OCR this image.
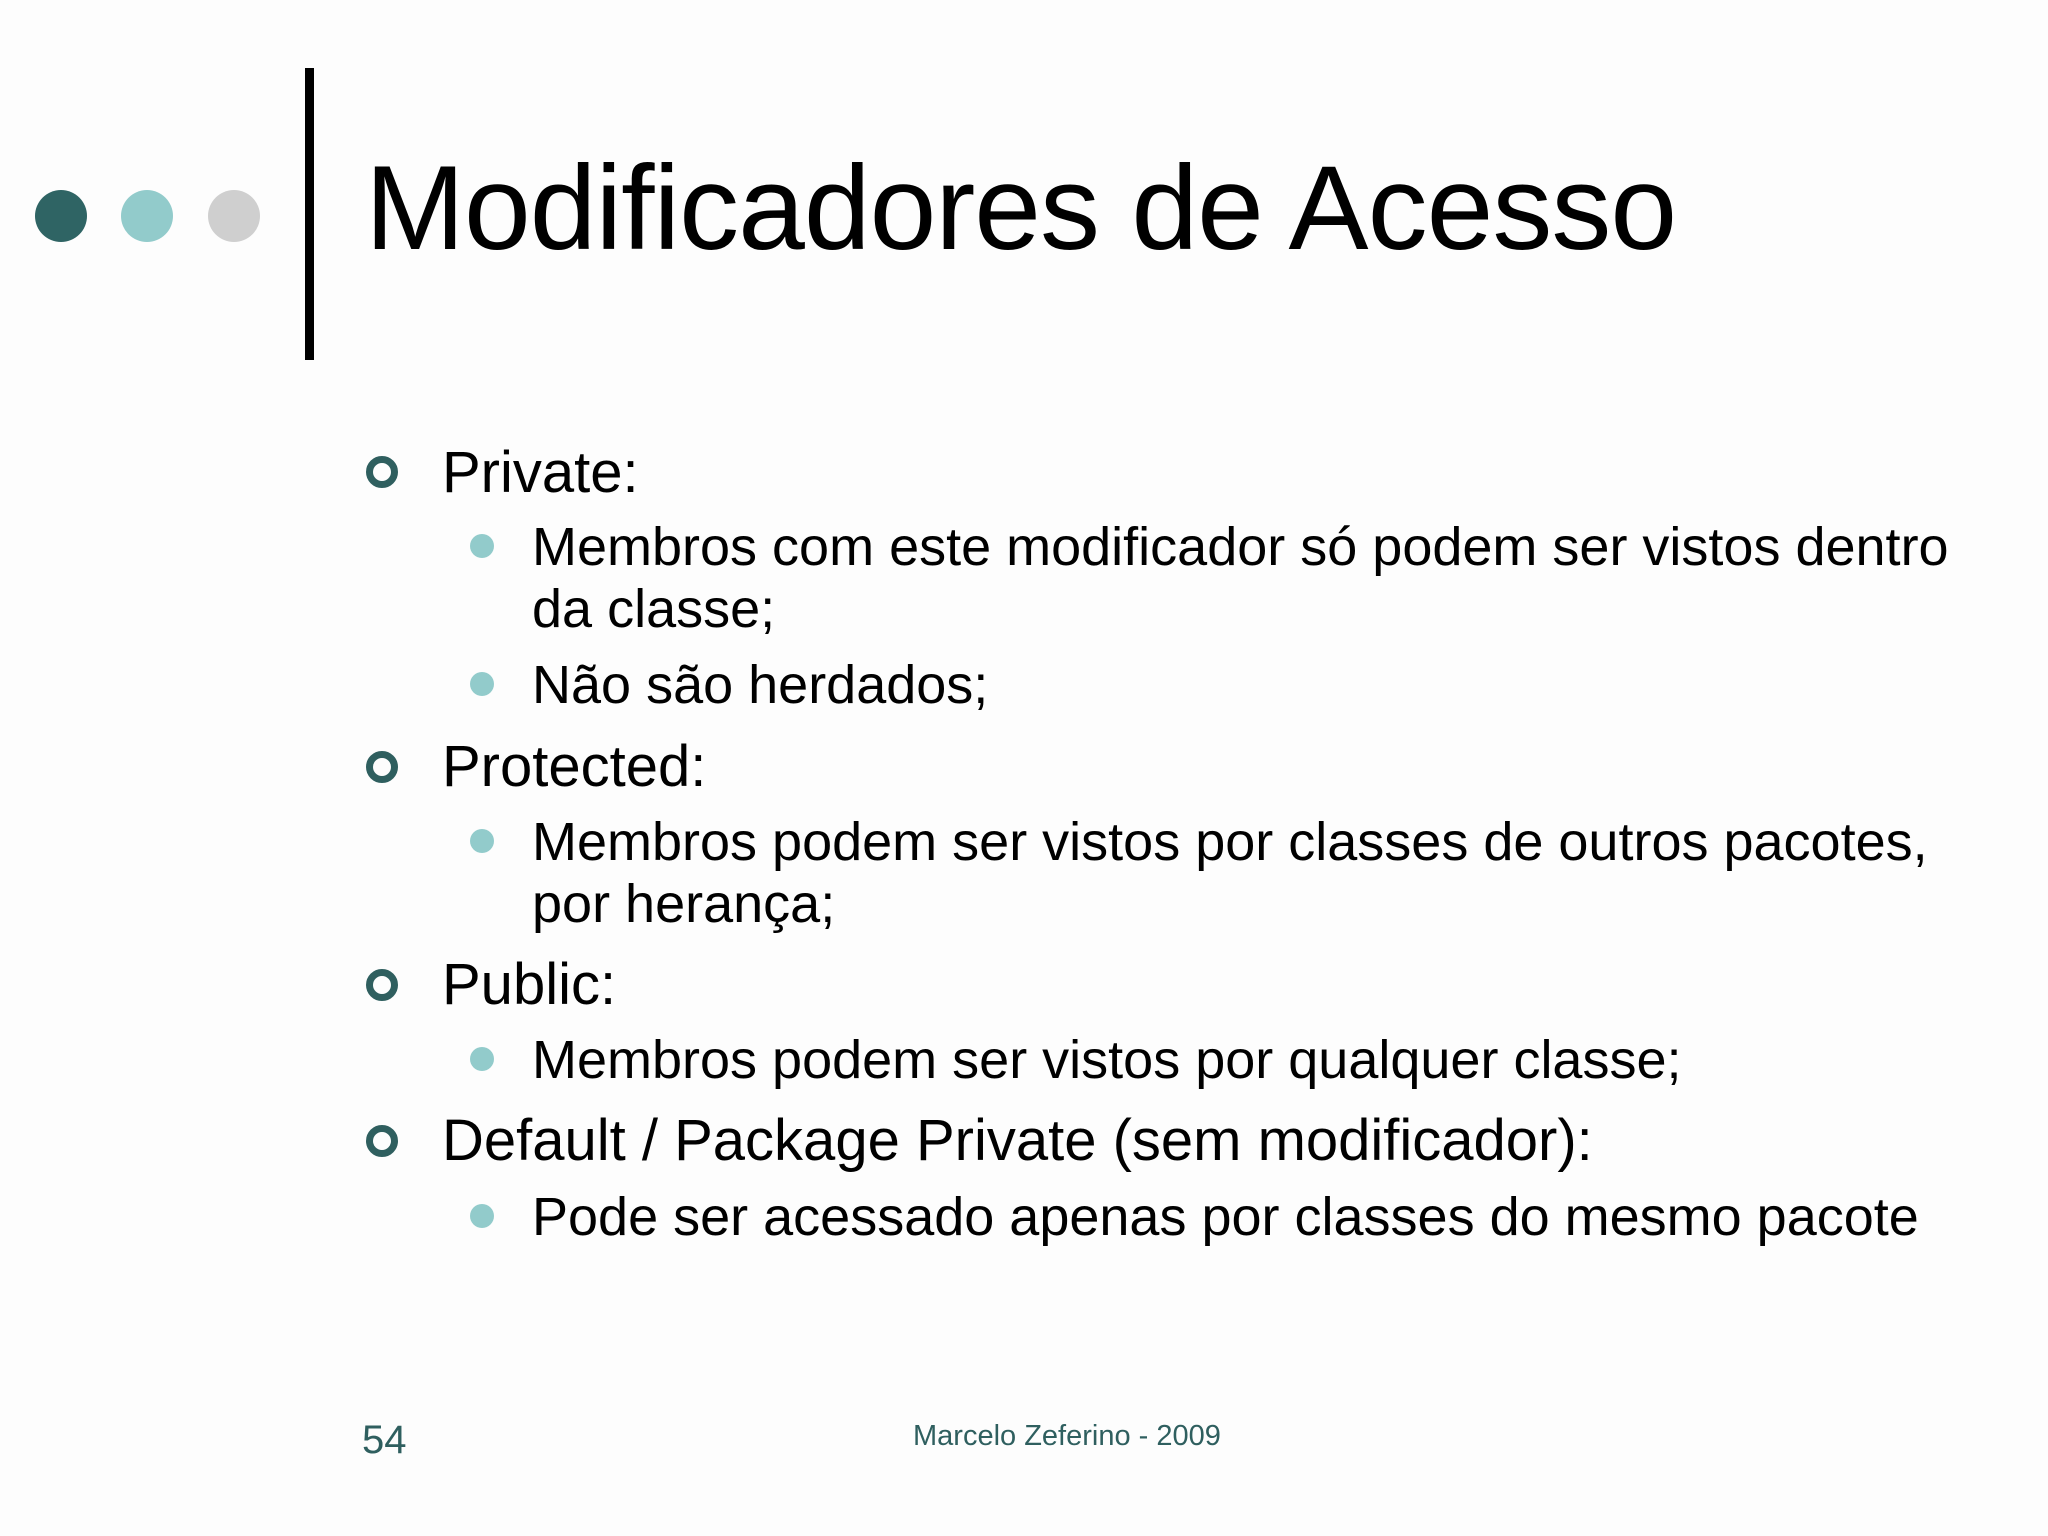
Modificadores de Acesso
Private:
Membros com este modificador só podem ser vistos dentro da classe;
Não são herdados;
Protected:
Membros podem ser vistos por classes de outros pacotes, por herança;
Public:
Membros podem ser vistos por qualquer classe;
Default / Package Private (sem modificador):
Pode ser acessado apenas por classes do mesmo pacote
54	Marcelo Zeferino - 2009
